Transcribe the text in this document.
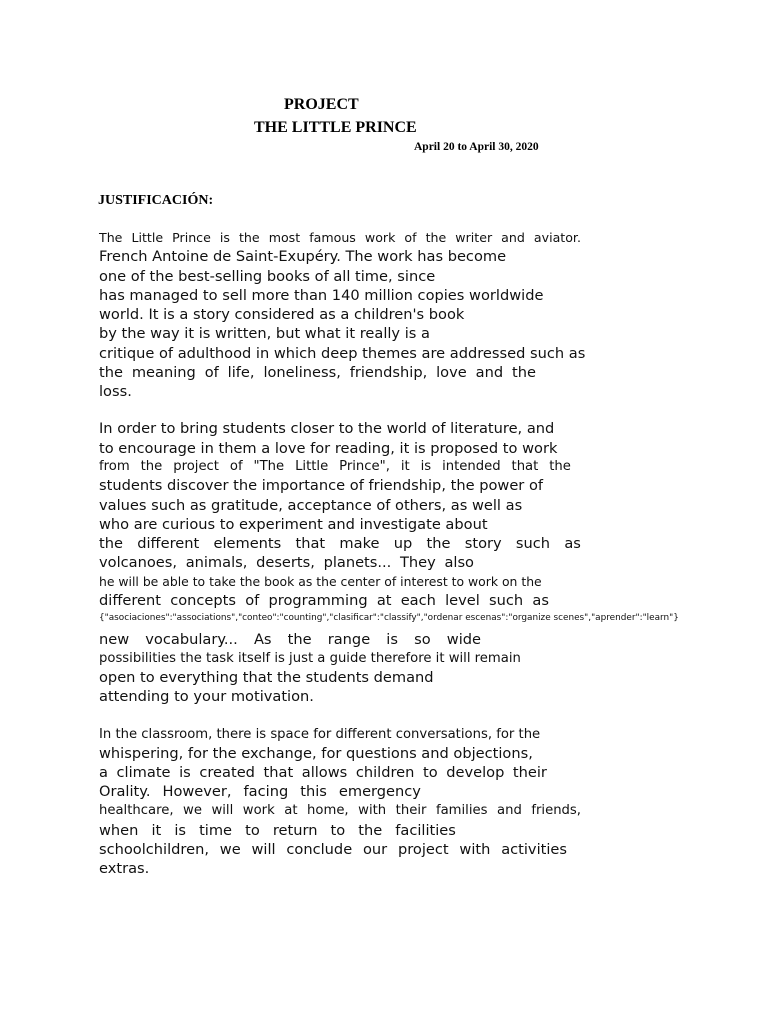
PROJECT
THE LITTLE PRINCE
April 20 to April 30, 2020
JUSTIFICACIÓN:
The Little Prince is the most famous work of the writer and aviator.
French Antoine de Saint-Exupéry. The work has become
one of the best-selling books of all time, since
has managed to sell more than 140 million copies worldwide
world. It is a story considered as a children's book
by the way it is written, but what it really is a
critique of adulthood in which deep themes are addressed such as
the meaning of life, loneliness, friendship, love and the
loss.
In order to bring students closer to the world of literature, and
to encourage in them a love for reading, it is proposed to work
from the project of "The Little Prince", it is intended that the
students discover the importance of friendship, the power of
values such as gratitude, acceptance of others, as well as
who are curious to experiment and investigate about
the different elements that make up the story such as
volcanoes, animals, deserts, planets... They also
he will be able to take the book as the center of interest to work on the
different concepts of programming at each level such as
{"asociaciones":"associations","conteo":"counting","clasificar":"classify","ordenar escenas":"organize scenes","aprender":"learn"}
new vocabulary... As the range is so wide
possibilities the task itself is just a guide therefore it will remain
open to everything that the students demand
attending to your motivation.
In the classroom, there is space for different conversations, for the
whispering, for the exchange, for questions and objections,
a climate is created that allows children to develop their
Orality. However, facing this emergency
healthcare, we will work at home, with their families and friends,
when it is time to return to the facilities
schoolchildren, we will conclude our project with activities
extras.
